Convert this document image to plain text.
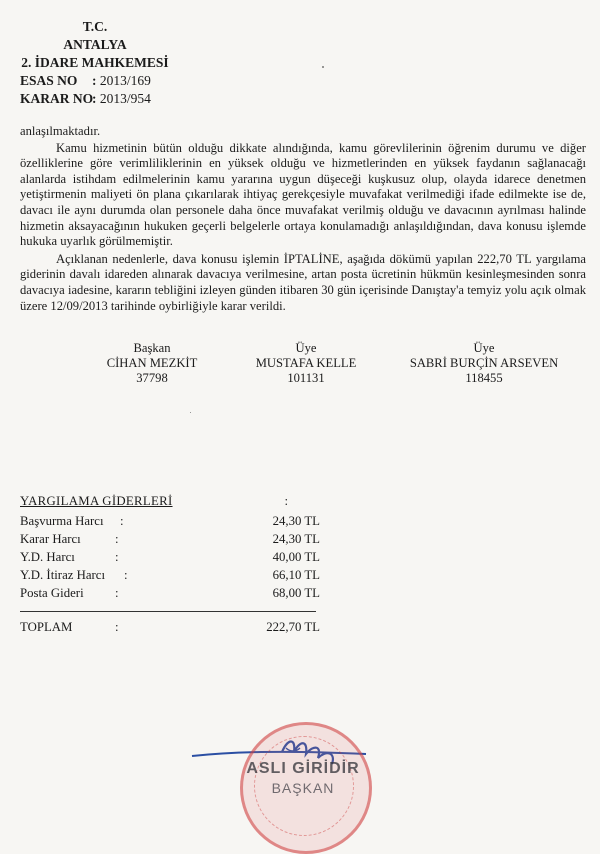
T.C.
ANTALYA
2. İDARE MAHKEMESİ
ESAS NO : 2013/169
KARAR NO: 2013/954

anlaşılmaktadır.

Kamu hizmetinin bütün olduğu dikkate alındığında, kamu görevlilerinin öğrenim durumu ve diğer özelliklerine göre verimliliklerinin en yüksek olduğu ve hizmetlerinden en yüksek faydanın sağlanacağı alanlarda istihdam edilmelerinin kamu yararına uygun düşeceği kuşkusuz olup, olayda idarece denetmen yetiştirmenin maliyeti ön plana çıkarılarak ihtiyaç gerekçesiyle muvafakat verilmediği ifade edilmekte ise de, davacı ile aynı durumda olan personele daha önce muvafakat verilmiş olduğu ve davacının ayrılması halinde hizmetin aksayacağının hukuken geçerli belgelerle ortaya konulamadığı anlaşıldığından, dava konusu işlemde hukuka uyarlık görülmemiştir.

Açıklanan nedenlerle, dava konusu işlemin İPTALİNE, aşağıda dökümü yapılan 222,70 TL yargılama giderinin davalı idareden alınarak davacıya verilmesine, artan posta ücretinin hükmün kesinleşmesinden sonra davacıya iadesine, kararın tebliğini izleyen günden itibaren 30 gün içerisinde Danıştay'a temyiz yolu açık olmak üzere 12/09/2013 tarihinde oybirliğiyle karar verildi.

Başkan
CİHAN MEZKİT
37798
Üye
MUSTAFA KELLE
101131
Üye
SABRİ BURÇİN ARSEVEN
118455
YARGILAMA GİDERLERİ	:
Başvurma Harcı :	24,30 TL
Karar Harcı	:	24,30 TL
Y.D. Harcı	:	40,00 TL
Y.D. İtiraz Harcı :	66,10 TL
Posta Gideri :	68,00 TL
TOPLAM	:	222,70 TL
ASLI GİRİDİR
BAŞKAN
